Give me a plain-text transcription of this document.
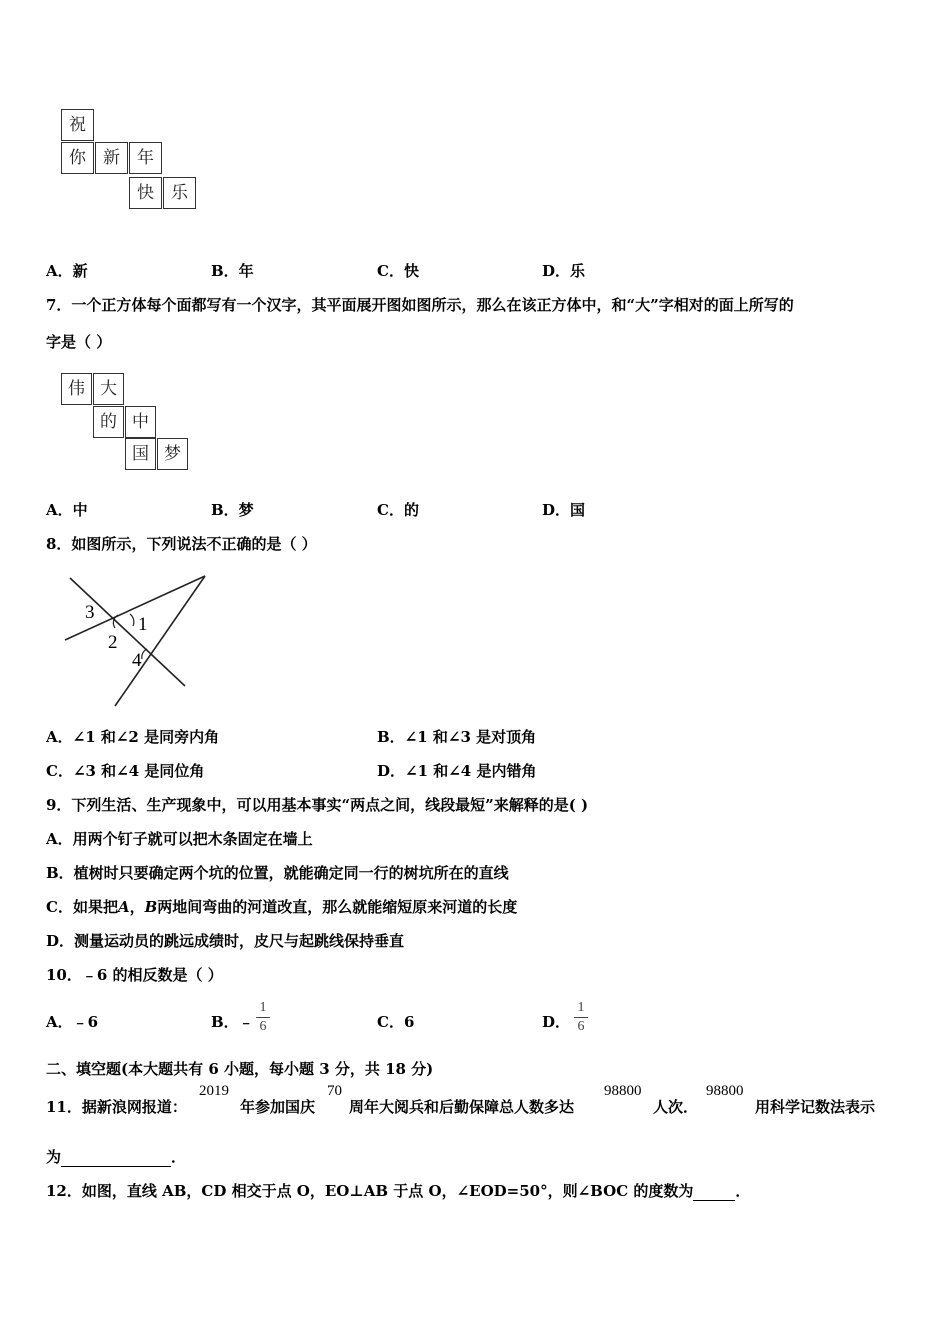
祝
你	新	年
快	乐
A．新	B．年	C．快	D．乐
7．一个正方体每个面都写有一个汉字，其平面展开图如图所示，那么在该正方体中，和“大”字相对的面上所写的
字是（ ）
伟 大
的 中
国 梦
A．中	B．梦	C．的	D．国
8．如图所示，下列说法不正确的是（ ）
3
2
1
4
A．∠1 和∠2 是同旁内角	B．∠1 和∠3 是对顶角
C．∠3 和∠4 是同位角	D．∠1 和∠4 是内错角
9．下列生活、生产现象中，可以用基本事实“两点之间，线段最短”来解释的是( )
A．用两个钉子就可以把木条固定在墙上
B．植树时只要确定两个坑的位置，就能确定同一行的树坑所在的直线
C．如果把A，B两地间弯曲的河道改直，那么就能缩短原来河道的长度
D．测量运动员的跳远成绩时，皮尺与起跳线保持垂直
10．﹣6 的相反数是（ ）
A．﹣6	B．﹣
1
6	C．6	D．
1
6
二、填空题(本大题共有 6 小题，每小题 3 分，共 18 分)
11．据新浪网报道：
2019
年参加国庆
70
周年大阅兵和后勤保障总人数多达
98800
人次．
98800
用科学记数法表示
为	．
12．如图，直线 AB，CD 相交于点 O，EO⊥AB 于点 O，∠EOD=50°，则∠BOC 的度数为	．
